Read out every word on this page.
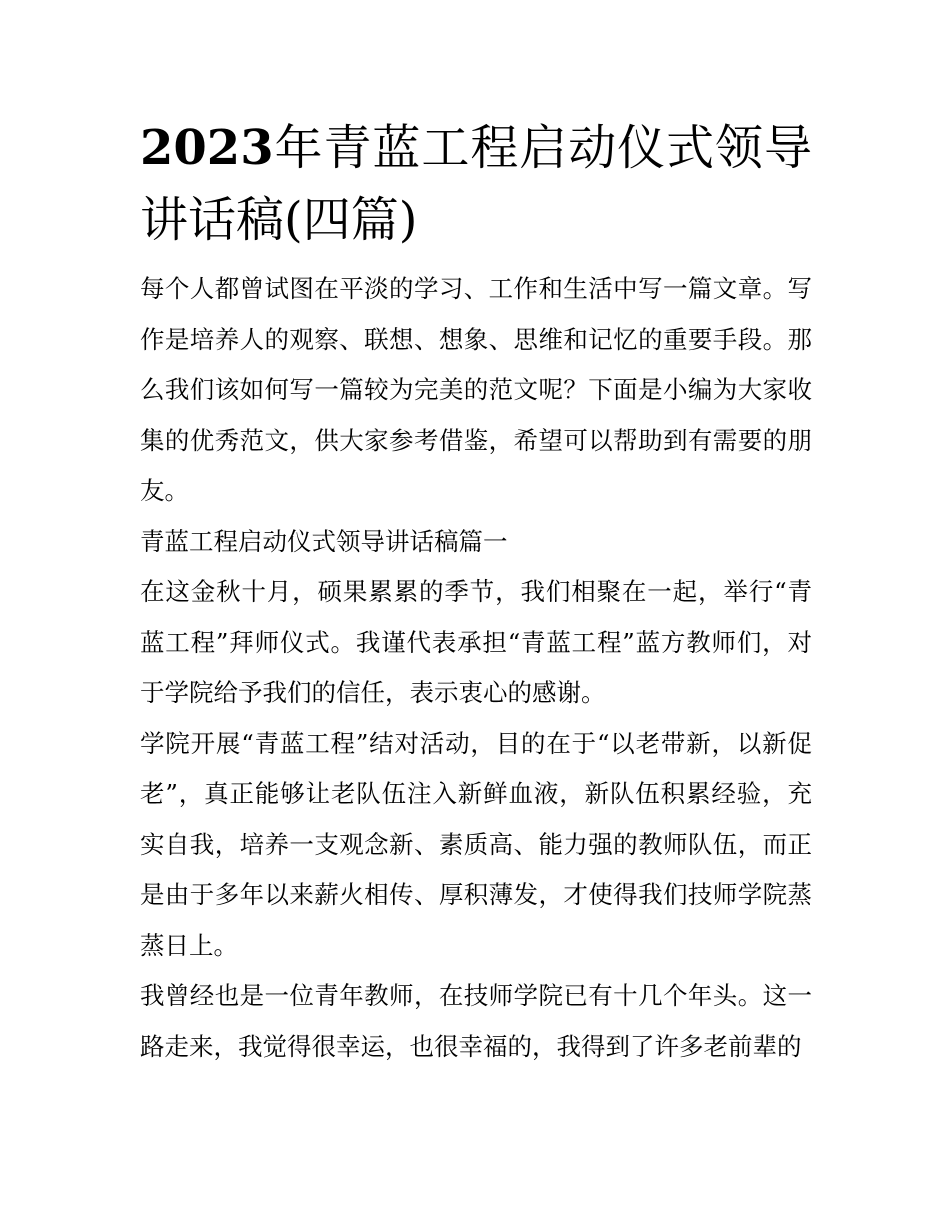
2023年青蓝工程启动仪式领导讲话稿(四篇)

每个人都曾试图在平淡的学习、工作和生活中写一篇文章。写作是培养人的观察、联想、想象、思维和记忆的重要手段。那么我们该如何写一篇较为完美的范文呢？下面是小编为大家收集的优秀范文，供大家参考借鉴，希望可以帮助到有需要的朋友。

青蓝工程启动仪式领导讲话稿篇一

在这金秋十月，硕果累累的季节，我们相聚在一起，举行“青蓝工程”拜师仪式。我谨代表承担“青蓝工程”蓝方教师们，对于学院给予我们的信任，表示衷心的感谢。

学院开展“青蓝工程”结对活动，目的在于“以老带新，以新促老”，真正能够让老队伍注入新鲜血液，新队伍积累经验，充实自我，培养一支观念新、素质高、能力强的教师队伍，而正是由于多年以来薪火相传、厚积薄发，才使得我们技师学院蒸蒸日上。

我曾经也是一位青年教师，在技师学院已有十几个年头。这一路走来，我觉得很幸运，也很幸福的，我得到了许多老前辈的
